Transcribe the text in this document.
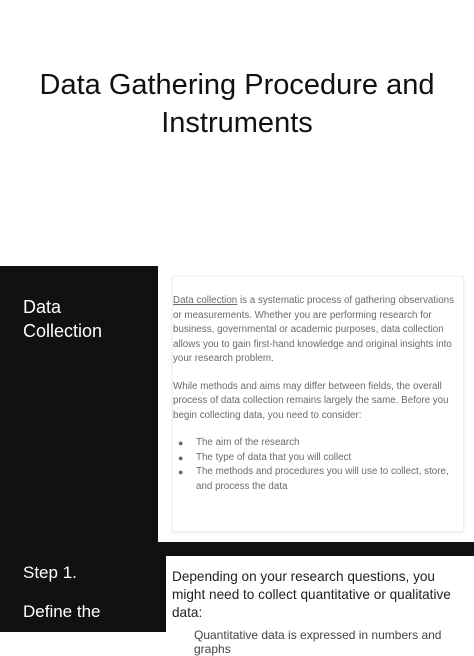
Data Gathering Procedure and Instruments
Data Collection

Data collection is a systematic process of gathering observations or measurements. Whether you are performing research for business, governmental or academic purposes, data collection allows you to gain first-hand knowledge and original insights into your research problem.

While methods and aims may differ between fields, the overall process of data collection remains largely the same. Before you begin collecting data, you need to consider:

● The aim of the research
● The type of data that you will collect
● The methods and procedures you will use to collect, store, and process the data
Step 1.
Define the
Depending on your research questions, you might need to collect quantitative or qualitative data:
Quantitative data is expressed in numbers and graphs
